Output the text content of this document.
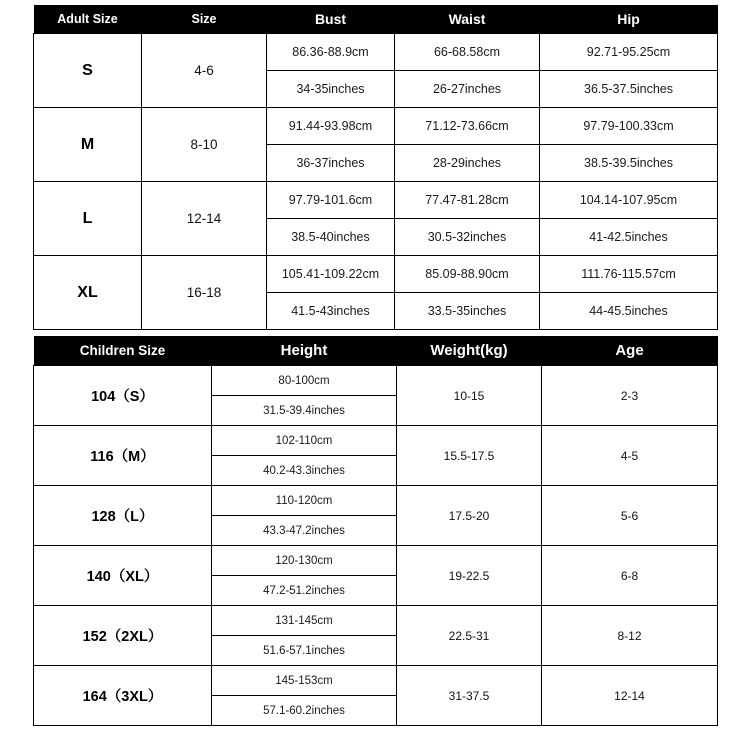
Adult Size	Size	Bust	Waist	Hip
S	4-6	86.36-88.9cm	66-68.58cm	92.71-95.25cm
		34-35inches	26-27inches	36.5-37.5inches
M	8-10	91.44-93.98cm	71.12-73.66cm	97.79-100.33cm
		36-37inches	28-29inches	38.5-39.5inches
L	12-14	97.79-101.6cm	77.47-81.28cm	104.14-107.95cm
		38.5-40inches	30.5-32inches	41-42.5inches
XL	16-18	105.41-109.22cm	85.09-88.90cm	111.76-115.57cm
		41.5-43inches	33.5-35inches	44-45.5inches
Children Size	Height	Weight(kg)	Age
104（S）	80-100cm	10-15	2-3
	31.5-39.4inches		
116（M）	102-110cm	15.5-17.5	4-5
	40.2-43.3inches		
128（L）	110-120cm	17.5-20	5-6
	43.3-47.2inches		
140（XL）	120-130cm	19-22.5	6-8
	47.2-51.2inches		
152（2XL）	131-145cm	22.5-31	8-12
	51.6-57.1inches		
164（3XL）	145-153cm	31-37.5	12-14
	57.1-60.2inches		
